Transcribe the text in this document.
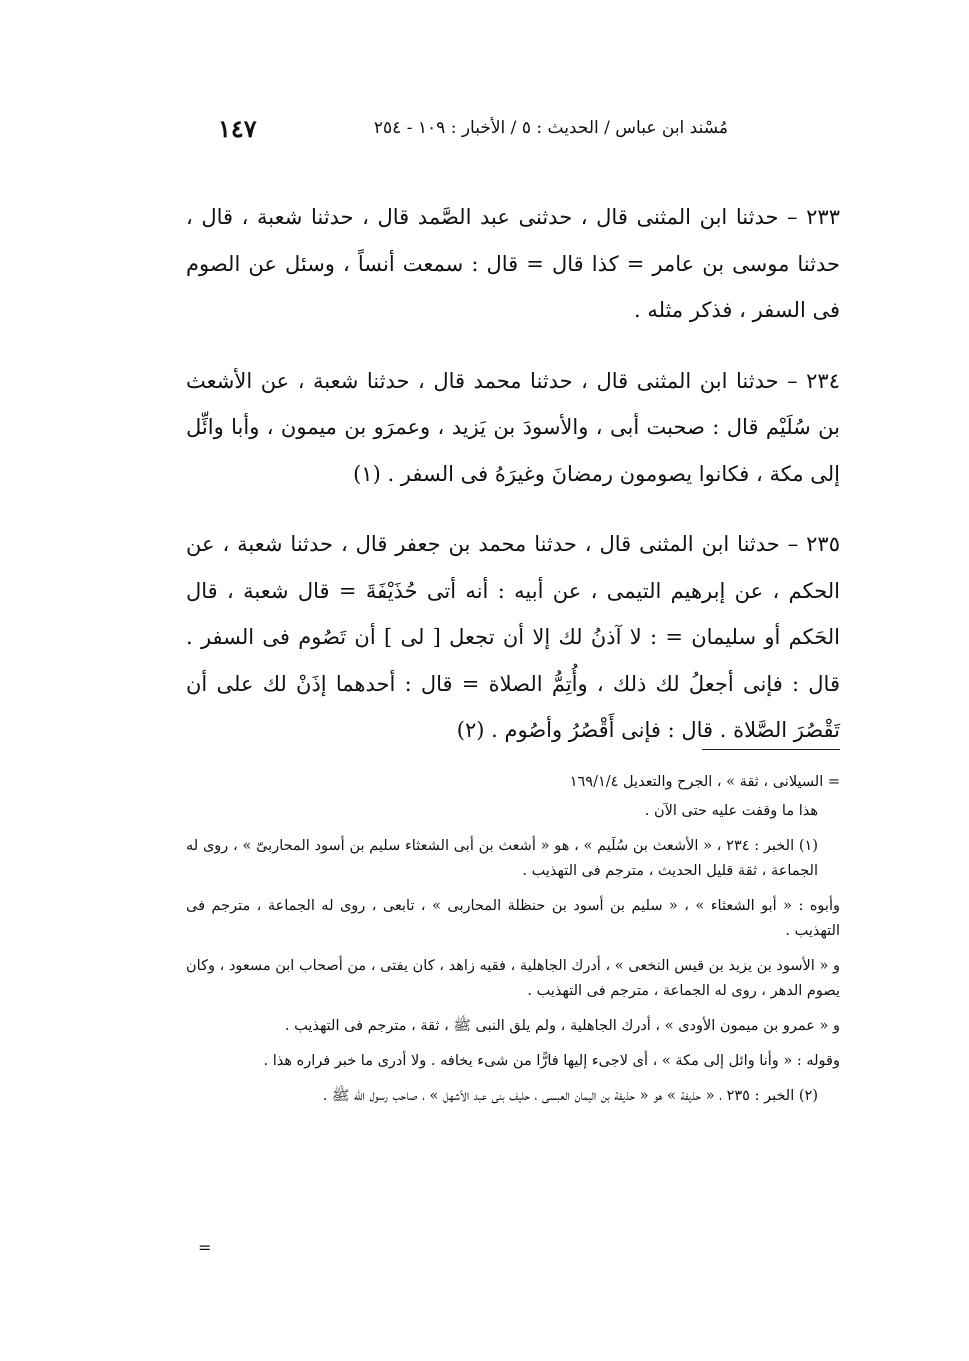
مُسْند ابن عباس / الحديث : ٥ / الأخبار : ١٠٩ - ٢٥٤
١٤٧

٢٣٣ – حدثنا ابن المثنى قال ، حدثنى عبد الصَّمد قال ، حدثنا شعبة ، قال ، حدثنا موسى بن عامر = كذا قال = قال : سمعت أنساً ، وسئل عن الصوم فى السفر ، فذكر مثله .

٢٣٤ – حدثنا ابن المثنى قال ، حدثنا محمد قال ، حدثنا شعبة ، عن الأشعث بن سُلَيْم قال : صحبت أبى ، والأسودَ بن يَزيد ، وعمرَو بن ميمون ، وأبا وائِّل إلى مكة ، فكانوا يصومون رمضانَ وغيرَهُ فى السفر . (١)

٢٣٥ – حدثنا ابن المثنى قال ، حدثنا محمد بن جعفر قال ، حدثنا شعبة ، عن الحكم ، عن إبرهيم التيمى ، عن أبيه : أنه أتى حُذَيْفَةَ = قال شعبة ، قال الحَكم أو سليمان = : لا آذنُ لك إلا أن تجعل [ لى ] أن تَصُوم فى السفر . قال : فإنى أجعلُ لك ذلك ، وأُتِمُّ الصلاة = قال : أحدهما إذَنْ لك على أن تَقْصُرَ الصَّلاة . قال : فإنى أَقْصُرُ وأصُوم . (٢)

= السيلانى ، ثقة » ، الجرح والتعديل ١٦٩/١/٤

هذا ما وقفت عليه حتى الآن .

(١) الخبر : ٢٣٤ ، « الأشعث بن سُلَيم » ، هو « أشعث بن أبى الشعثاء سليم بن أسود المحاربىّ » ، روى له الجماعة ، ثقة قليل الحديث ، مترجم فى التهذيب .

وأبوه : « أبو الشعثاء » ، « سليم بن أسود بن حنظلة المحاربى » ، تابعى ، روى له الجماعة ، مترجم فى التهذيب .

و « الأسود بن يزيد بن قيس النخعى » ، أدرك الجاهلية ، فقيه زاهد ، كان يفتى ، من أصحاب ابن مسعود ، وكان يصوم الدهر ، روى له الجماعة ، مترجم فى التهذيب .

و « عمرو بن ميمون الأودى » ، أدرك الجاهلية ، ولم يلق النبى ﷺ ، ثقة ، مترجم فى التهذيب .

وقوله : « وأنا وائل إلى مكة » ، أى لاجىء إليها فارًّا من شىء يخافه . ولا أدرى ما خبر فراره هذا .

(٢) الخبر : ٢٣٥ ، « حذيفة » هو « حذيفة بن اليمان العبسى ، حليف بنى عبد الأشهل » ، صاحب رسول الله ﷺ .

=
